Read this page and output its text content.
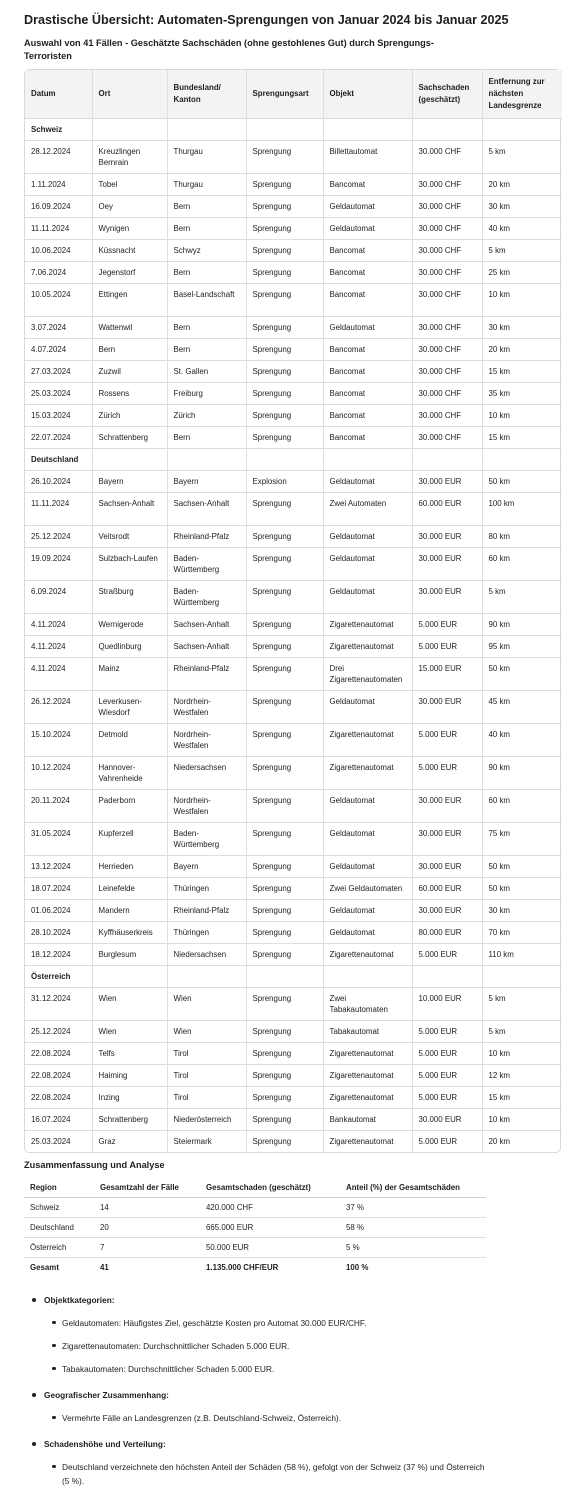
Drastische Übersicht: Automaten-Sprengungen von Januar 2024 bis Januar 2025
Auswahl von 41 Fällen - Geschätzte Sachschäden (ohne gestohlenes Gut) durch Sprengungs-Terroristen
Datum	Ort	Bundesland/ Kanton	Sprengungsart	Objekt	Sachschaden (geschätzt)	Entfernung zur nächsten Landesgrenze
Schweiz						
28.12.2024	Kreuzlingen Bernrain	Thurgau	Sprengung	Billettautomat	30.000 CHF	5 km
1.11.2024	Tobel	Thurgau	Sprengung	Bancomat	30.000 CHF	20 km
16.09.2024	Oey	Bern	Sprengung	Geldautomat	30.000 CHF	30 km
11.11.2024	Wynigen	Bern	Sprengung	Geldautomat	30.000 CHF	40 km
10.06.2024	Küssnacht	Schwyz	Sprengung	Bancomat	30.000 CHF	5 km
7.06.2024	Jegenstorf	Bern	Sprengung	Bancomat	30.000 CHF	25 km
10.05.2024	Ettingen	Basel-Landschaft	Sprengung	Bancomat	30.000 CHF	10 km
3.07.2024	Wattenwil	Bern	Sprengung	Geldautomat	30.000 CHF	30 km
4.07.2024	Bern	Bern	Sprengung	Bancomat	30.000 CHF	20 km
27.03.2024	Zuzwil	St. Gallen	Sprengung	Bancomat	30.000 CHF	15 km
25.03.2024	Rossens	Freiburg	Sprengung	Bancomat	30.000 CHF	35 km
15.03.2024	Zürich	Zürich	Sprengung	Bancomat	30.000 CHF	10 km
22.07.2024	Schrattenberg	Bern	Sprengung	Bancomat	30.000 CHF	15 km
Deutschland						
26.10.2024	Bayern	Bayern	Explosion	Geldautomat	30.000 EUR	50 km
11.11.2024	Sachsen-Anhalt	Sachsen-Anhalt	Sprengung	Zwei Automaten	60.000 EUR	100 km
25.12.2024	Veitsrodt	Rheinland-Pfalz	Sprengung	Geldautomat	30.000 EUR	80 km
19.09.2024	Sulzbach-Laufen	Baden-Württemberg	Sprengung	Geldautomat	30.000 EUR	60 km
6.09.2024	Straßburg	Baden-Württemberg	Sprengung	Geldautomat	30.000 EUR	5 km
4.11.2024	Wernigerode	Sachsen-Anhalt	Sprengung	Zigarettenautomat	5.000 EUR	90 km
4.11.2024	Quedlinburg	Sachsen-Anhalt	Sprengung	Zigarettenautomat	5.000 EUR	95 km
4.11.2024	Mainz	Rheinland-Pfalz	Sprengung	Drei Zigarettenautomaten	15.000 EUR	50 km
26.12.2024	Leverkusen-Wiesdorf	Nordrhein-Westfalen	Sprengung	Geldautomat	30.000 EUR	45 km
15.10.2024	Detmold	Nordrhein-Westfalen	Sprengung	Zigarettenautomat	5.000 EUR	40 km
10.12.2024	Hannover-Vahrenheide	Niedersachsen	Sprengung	Zigarettenautomat	5.000 EUR	90 km
20.11.2024	Paderborn	Nordrhein-Westfalen	Sprengung	Geldautomat	30.000 EUR	60 km
31.05.2024	Kupferzell	Baden-Württemberg	Sprengung	Geldautomat	30.000 EUR	75 km
13.12.2024	Herrieden	Bayern	Sprengung	Geldautomat	30.000 EUR	50 km
18.07.2024	Leinefelde	Thüringen	Sprengung	Zwei Geldautomaten	60.000 EUR	50 km
01.06.2024	Mandern	Rheinland-Pfalz	Sprengung	Geldautomat	30.000 EUR	30 km
28.10.2024	Kyffhäuserkreis	Thüringen	Sprengung	Geldautomat	80.000 EUR	70 km
18.12.2024	Burglesum	Niedersachsen	Sprengung	Zigarettenautomat	5.000 EUR	110 km
Österreich						
31.12.2024	Wien	Wien	Sprengung	Zwei Tabakautomaten	10.000 EUR	5 km
25.12.2024	Wien	Wien	Sprengung	Tabakautomat	5.000 EUR	5 km
22.08.2024	Telfs	Tirol	Sprengung	Zigarettenautomat	5.000 EUR	10 km
22.08.2024	Haiming	Tirol	Sprengung	Zigarettenautomat	5.000 EUR	12 km
22.08.2024	Inzing	Tirol	Sprengung	Zigarettenautomat	5.000 EUR	15 km
16.07.2024	Schrattenberg	Niederösterreich	Sprengung	Bankautomat	30.000 EUR	10 km
25.03.2024	Graz	Steiermark	Sprengung	Zigarettenautomat	5.000 EUR	20 km
Zusammenfassung und Analyse
Region	Gesamtzahl der Fälle	Gesamtschaden (geschätzt)	Anteil (%) der Gesamtschäden
Schweiz	14	420.000 CHF	37 %
Deutschland	20	665.000 EUR	58 %
Österreich	7	50.000 EUR	5 %
Gesamt	41	1.135.000 CHF/EUR	100 %
Objektkategorien:
Geldautomaten: Häufigstes Ziel, geschätzte Kosten pro Automat 30.000 EUR/CHF.
Zigarettenautomaten: Durchschnittlicher Schaden 5.000 EUR.
Tabakautomaten: Durchschnittlicher Schaden 5.000 EUR.
Geografischer Zusammenhang:
Vermehrte Fälle an Landesgrenzen (z.B. Deutschland-Schweiz, Österreich).
Schadenshöhe und Verteilung:
Deutschland verzeichnete den höchsten Anteil der Schäden (58 %), gefolgt von der Schweiz (37 %) und Österreich (5 %).
